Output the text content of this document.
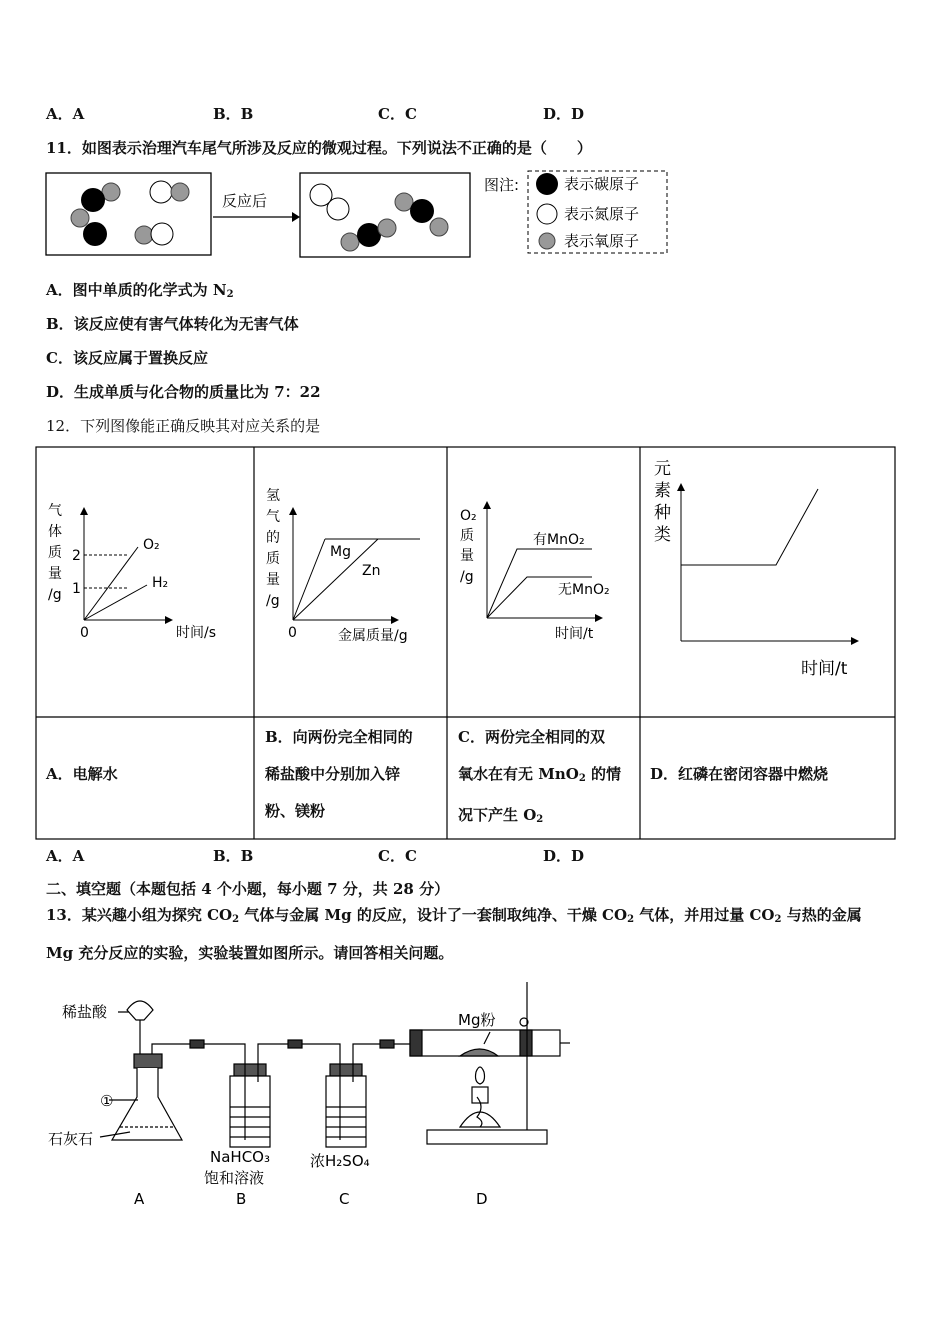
A．A	B．B	C．C	D．D
11．如图表示治理汽车尾气所涉及反应的微观过程。下列说法不正确的是（　　）
反应后
图注:	表示碳原子
表示氮原子
表示氧原子
A．图中单质的化学式为 $N_2$
B．该反应使有害气体转化为无害气体
C．该反应属于置换反应
D．生成单质与化合物的质量比为 7：22
12．下列图像能正确反映其对应关系的是
气
体
质
量
/g
2
1
0
O₂
H₂
时间/s
氢
气
的
质
量
/g
0
Mg
Zn
金属质量/g
O₂
质
量
/g
有MnO₂
无MnO₂
时间/t
元
素
种
类
时间/t
A．电解水
B．向两份完全相同的
稀盐酸中分别加入锌
粉、镁粉
C．两份完全相同的双
氧水在有无 MnO$_2$ 的情
况下产生 $O_2$
D．红磷在密闭容器中燃烧
A．A	B．B	C．C	D．D
二、填空题（本题包括 4 个小题，每小题 7 分，共 28 分）
13．某兴趣小组为探究 $CO_2$ 气体与金属 Mg 的反应，设计了一套制取纯净、干燥 $CO_2$ 气体，并用过量 $CO_2$ 与热的金属
Mg 充分反应的实验，实验装置如图所示。请回答相关问题。
稀盐酸
①
石灰石
NaHCO₃
饱和溶液
浓H₂SO₄
Mg粉
A	B	C	D
